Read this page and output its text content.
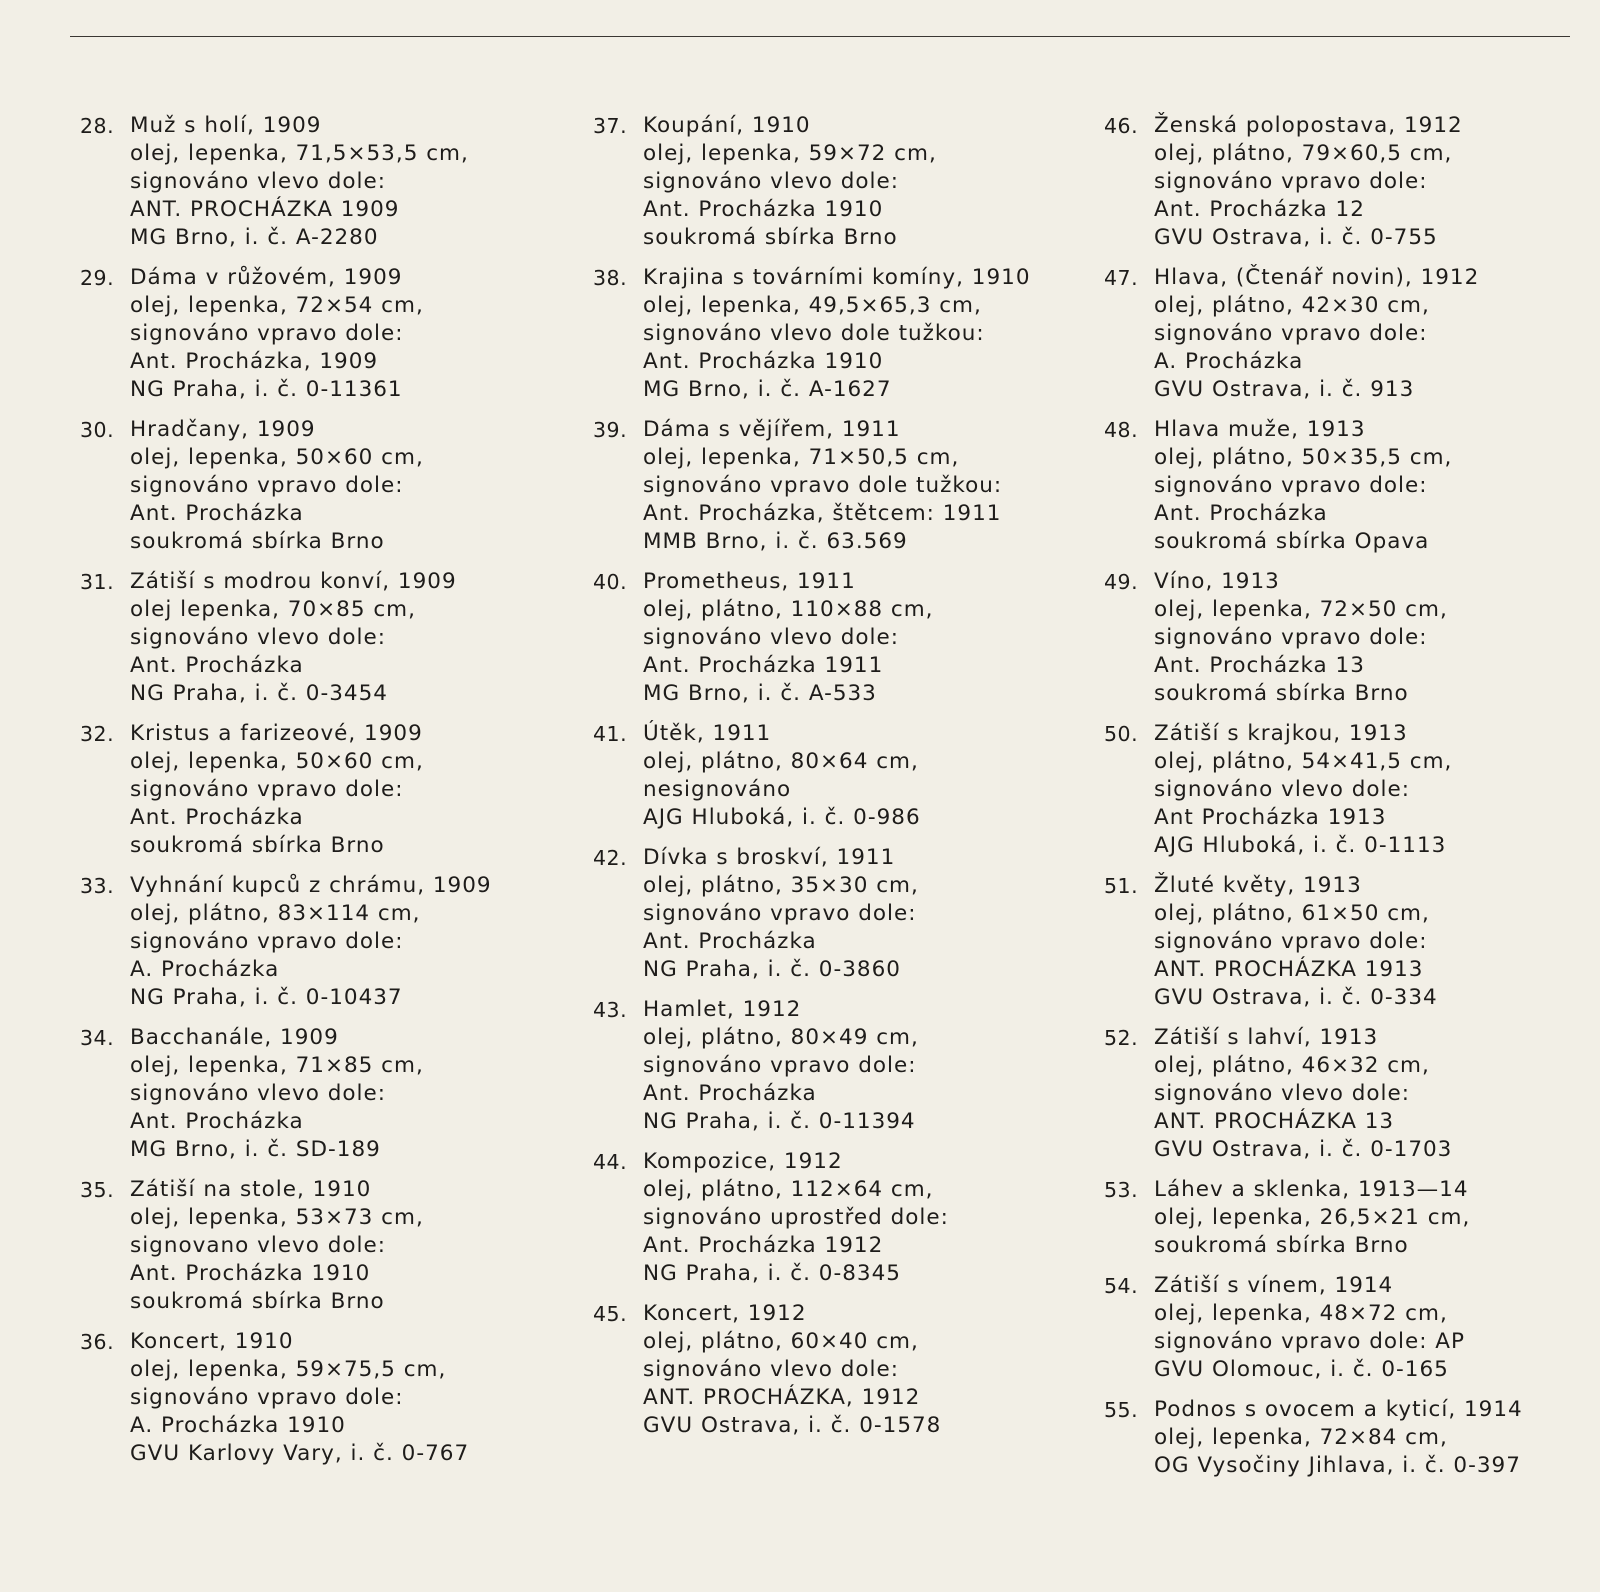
28. Muž s holí, 1909
olej, lepenka, 71,5×53,5 cm,
signováno vlevo dole:
ANT. PROCHÁZKA 1909
MG Brno, i. č. A-2280
29. Dáma v růžovém, 1909
olej, lepenka, 72×54 cm,
signováno vpravo dole:
Ant. Procházka, 1909
NG Praha, i. č. 0-11361
30. Hradčany, 1909
olej, lepenka, 50×60 cm,
signováno vpravo dole:
Ant. Procházka
soukromá sbírka Brno
31. Zátiší s modrou konví, 1909
olej lepenka, 70×85 cm,
signováno vlevo dole:
Ant. Procházka
NG Praha, i. č. 0-3454
32. Kristus a farizeové, 1909
olej, lepenka, 50×60 cm,
signováno vpravo dole:
Ant. Procházka
soukromá sbírka Brno
33. Vyhnání kupců z chrámu, 1909
olej, plátno, 83×114 cm,
signováno vpravo dole:
A. Procházka
NG Praha, i. č. 0-10437
34. Bacchanále, 1909
olej, lepenka, 71×85 cm,
signováno vlevo dole:
Ant. Procházka
MG Brno, i. č. SD-189
35. Zátiší na stole, 1910
olej, lepenka, 53×73 cm,
signovano vlevo dole:
Ant. Procházka 1910
soukromá sbírka Brno
36. Koncert, 1910
olej, lepenka, 59×75,5 cm,
signováno vpravo dole:
A. Procházka 1910
GVU Karlovy Vary, i. č. 0-767
37. Koupání, 1910
olej, lepenka, 59×72 cm,
signováno vlevo dole:
Ant. Procházka 1910
soukromá sbírka Brno
38. Krajina s továrními komíny, 1910
olej, lepenka, 49,5×65,3 cm,
signováno vlevo dole tužkou:
Ant. Procházka 1910
MG Brno, i. č. A-1627
39. Dáma s vějířem, 1911
olej, lepenka, 71×50,5 cm,
signováno vpravo dole tužkou:
Ant. Procházka, štětcem: 1911
MMB Brno, i. č. 63.569
40. Prometheus, 1911
olej, plátno, 110×88 cm,
signováno vlevo dole:
Ant. Procházka 1911
MG Brno, i. č. A-533
41. Útěk, 1911
olej, plátno, 80×64 cm,
nesignováno
AJG Hluboká, i. č. 0-986
42. Dívka s broskví, 1911
olej, plátno, 35×30 cm,
signováno vpravo dole:
Ant. Procházka
NG Praha, i. č. 0-3860
43. Hamlet, 1912
olej, plátno, 80×49 cm,
signováno vpravo dole:
Ant. Procházka
NG Praha, i. č. 0-11394
44. Kompozice, 1912
olej, plátno, 112×64 cm,
signováno uprostřed dole:
Ant. Procházka 1912
NG Praha, i. č. 0-8345
45. Koncert, 1912
olej, plátno, 60×40 cm,
signováno vlevo dole:
ANT. PROCHÁZKA, 1912
GVU Ostrava, i. č. 0-1578
46. Ženská polopostava, 1912
olej, plátno, 79×60,5 cm,
signováno vpravo dole:
Ant. Procházka 12
GVU Ostrava, i. č. 0-755
47. Hlava, (Čtenář novin), 1912
olej, plátno, 42×30 cm,
signováno vpravo dole:
A. Procházka
GVU Ostrava, i. č. 913
48. Hlava muže, 1913
olej, plátno, 50×35,5 cm,
signováno vpravo dole:
Ant. Procházka
soukromá sbírka Opava
49. Víno, 1913
olej, lepenka, 72×50 cm,
signováno vpravo dole:
Ant. Procházka 13
soukromá sbírka Brno
50. Zátiší s krajkou, 1913
olej, plátno, 54×41,5 cm,
signováno vlevo dole:
Ant Procházka 1913
AJG Hluboká, i. č. 0-1113
51. Žluté květy, 1913
olej, plátno, 61×50 cm,
signováno vpravo dole:
ANT. PROCHÁZKA 1913
GVU Ostrava, i. č. 0-334
52. Zátiší s lahví, 1913
olej, plátno, 46×32 cm,
signováno vlevo dole:
ANT. PROCHÁZKA 13
GVU Ostrava, i. č. 0-1703
53. Láhev a sklenka, 1913—14
olej, lepenka, 26,5×21 cm,
soukromá sbírka Brno
54. Zátiší s vínem, 1914
olej, lepenka, 48×72 cm,
signováno vpravo dole: AP
GVU Olomouc, i. č. 0-165
55. Podnos s ovocem a kyticí, 1914
olej, lepenka, 72×84 cm,
OG Vysočiny Jihlava, i. č. 0-397
